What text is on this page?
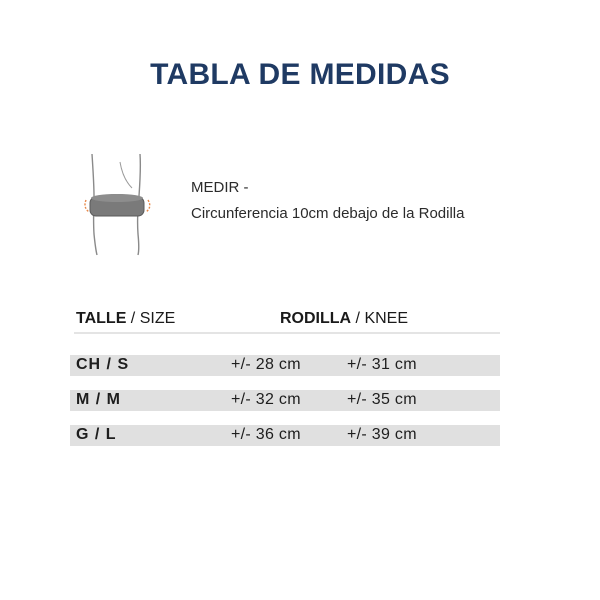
TABLA DE MEDIDAS
MEDIR -
Circunferencia 10cm debajo de la Rodilla
TALLE / SIZE	RODILLA / KNEE
CH / S	+/- 28 cm	+/- 31 cm
M / M	+/- 32 cm	+/- 35 cm
G / L	+/- 36 cm	+/- 39 cm
